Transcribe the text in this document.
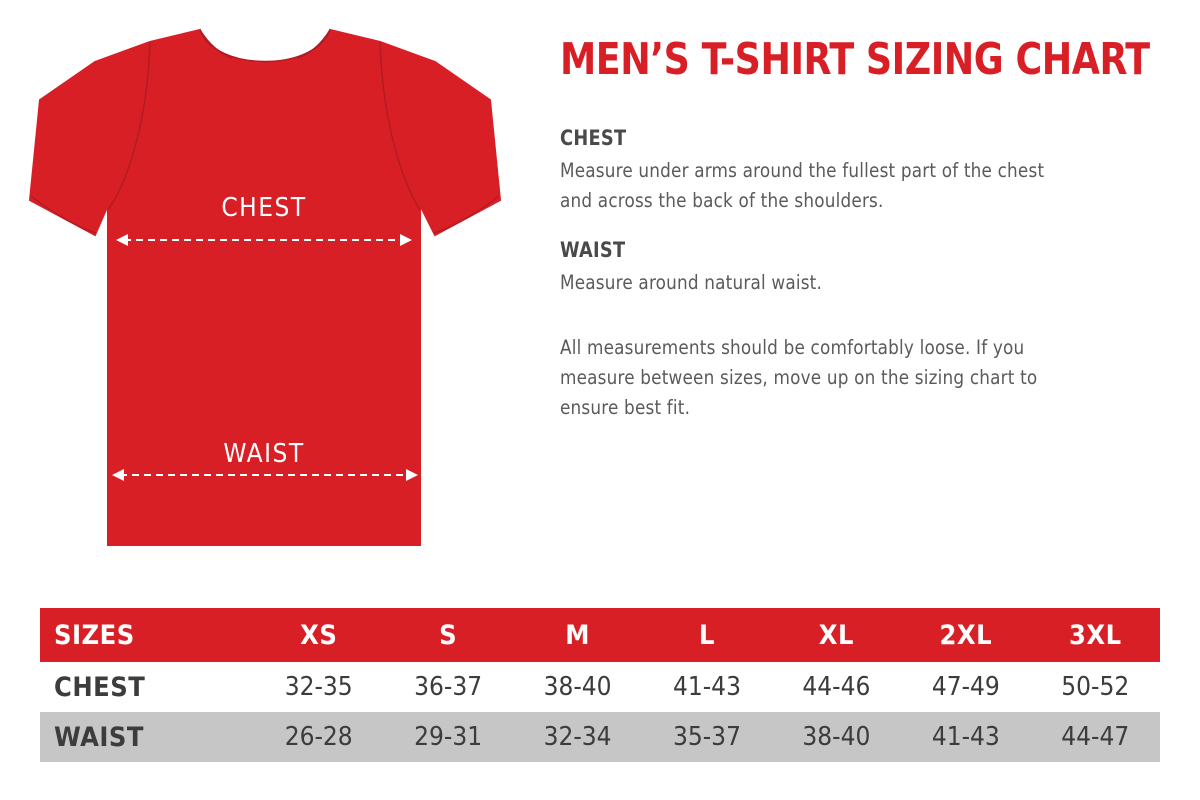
CHEST
WAIST
MEN’S T-SHIRT SIZING CHART
CHEST
Measure under arms around the fullest part of the chest and across the back of the shoulders.
WAIST
Measure around natural waist.
All measurements should be comfortably loose. If you measure between sizes, move up on the sizing chart to ensure best fit.
SIZES	XS	S	M	L	XL	2XL	3XL
CHEST	32-35	36-37	38-40	41-43	44-46	47-49	50-52
WAIST	26-28	29-31	32-34	35-37	38-40	41-43	44-47
